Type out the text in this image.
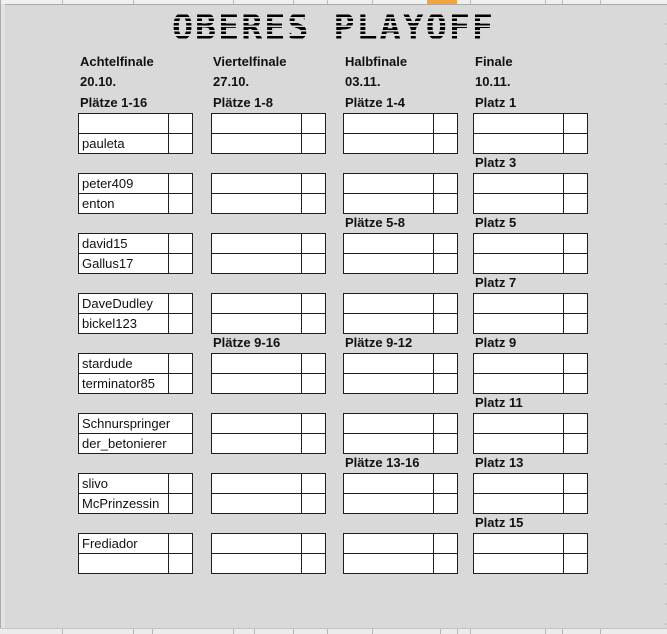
OBERES PLAYOFF
Achtelfinale
20.10.
Plätze 1-16
pauleta
peter409
enton
david15
Gallus17
DaveDudley
bickel123
stardude
terminator85
Schnurspringer
der_betonierer
slivo
McPrinzessin
Frediador
Viertelfinale
27.10.
Plätze 1-8
Plätze 9-16
Halbfinale
03.11.
Plätze 1-4
Plätze 5-8
Plätze 9-12
Plätze 13-16
Finale
10.11.
Platz 1
Platz 3
Platz 5
Platz 7
Platz 9
Platz 11
Platz 13
Platz 15
